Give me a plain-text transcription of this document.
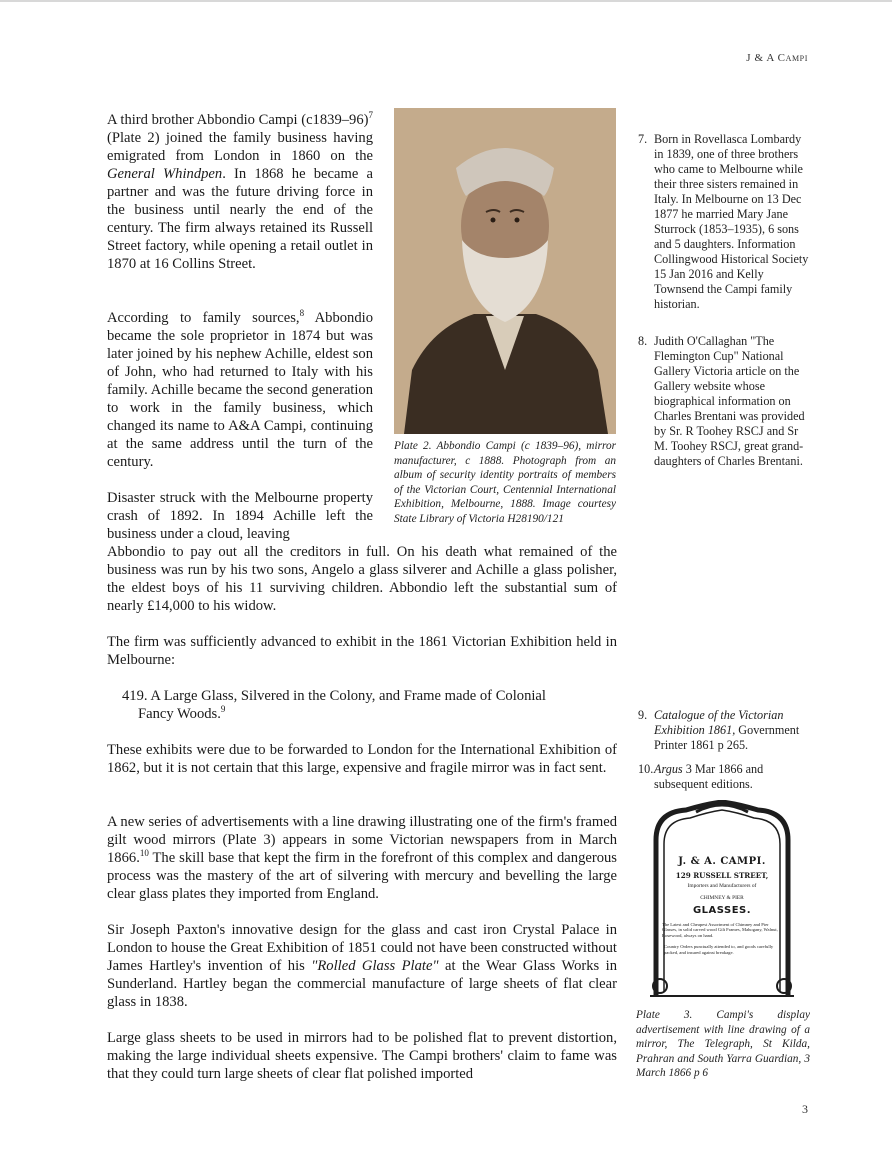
J & A Campi

A third brother Abbondio Campi $(c1839-96)^7$ (Plate 2) joined the family business having emigrated from London in 1860 on the General Whindpen. In 1868 he became a partner and was the future driving force in the business until nearly the end of the century. The firm always retained its Russell Street factory, while opening a retail outlet in 1870 at 16 Collins Street.

According to family sources,$^8$ Abbondio became the sole proprietor in 1874 but was later joined by his nephew Achille, eldest son of John, who had returned to Italy with his family. Achille became the second generation to work in the family business, which changed its name to A&A Campi, continuing at the same address until the turn of the century.

Disaster struck with the Melbourne property crash of 1892. In 1894 Achille left the business under a cloud, leaving

Abbondio to pay out all the creditors in full. On his death what remained of the business was run by his two sons, Angelo a glass silverer and Achille a glass polisher, the eldest boys of his 11 surviving children. Abbondio left the substantial sum of nearly £14,000 to his widow.

The firm was sufficiently advanced to exhibit in the 1861 Victorian Exhibition held in Melbourne:

419. A Large Glass, Silvered in the Colony, and Frame made of Colonial
Fancy Woods.$^9$

These exhibits were due to be forwarded to London for the International Exhibition of 1862, but it is not certain that this large, expensive and fragile mirror was in fact sent.

A new series of advertisements with a line drawing illustrating one of the firm's framed gilt wood mirrors (Plate 3) appears in some Victorian newspapers from in March 1866.10 The skill base that kept the firm in the forefront of this complex and dangerous process was the mastery of the art of silvering with mercury and bevelling the large clear glass plates they imported from England.

Sir Joseph Paxton's innovative design for the glass and cast iron Crystal Palace in London to house the Great Exhibition of 1851 could not have been constructed without James Hartley's invention of his "Rolled Glass Plate" at the Wear Glass Works in Sunderland. Hartley began the commercial manufacture of large sheets of flat clear glass in 1838.

Large glass sheets to be used in mirrors had to be polished flat to prevent distortion, making the large individual sheets expensive. The Campi brothers' claim to fame was that they could turn large sheets of clear flat polished imported

Plate 2. Abbondio Campi (c 1839–96), mirror manufacturer, c 1888. Photograph from an album of security identity portraits of members of the Victorian Court, Centennial International Exhibition, Melbourne, 1888. Image courtesy State Library of Victoria H28190/121

7. Born in Rovellasca Lombardy in 1839, one of three brothers who came to Melbourne while their three sisters remained in Italy. In Melbourne on 13 Dec 1877 he married Mary Jane Sturrock (1853–1935), 6 sons and 5 daughters. Information Collingwood Historical Society 15 Jan 2016 and Kelly Townsend the Campi family historian.
8. Judith O'Callaghan "The Flemington Cup" National Gallery Victoria article on the Gallery website whose biographical information on Charles Brentani was provided by Sr. R Toohey RSCJ and Sr M. Toohey RSCJ, great grand-daughters of Charles Brentani.
9. Catalogue of the Victorian Exhibition 1861, Government Printer 1861 p 265.
10. Argus 3 Mar 1866 and subsequent editions.
J. & A. CAMPI.
129 RUSSELL STREET,
Importers and Manufacturers of
CHIMNEY & PIER
GLASSES.
The Latest and Cheapest Assortment of Chimney and Pier Glasses, in solid carved wood Gilt Frames, Mahogany, Walnut, Rosewood, always on hand.
Country Orders punctually attended to, and goods carefully packed, and insured against breakage.

Plate 3. Campi's display advertisement with line drawing of a mirror, The Telegraph, St Kilda, Prahran and South Yarra Guardian, 3 March 1866 p 6

3
